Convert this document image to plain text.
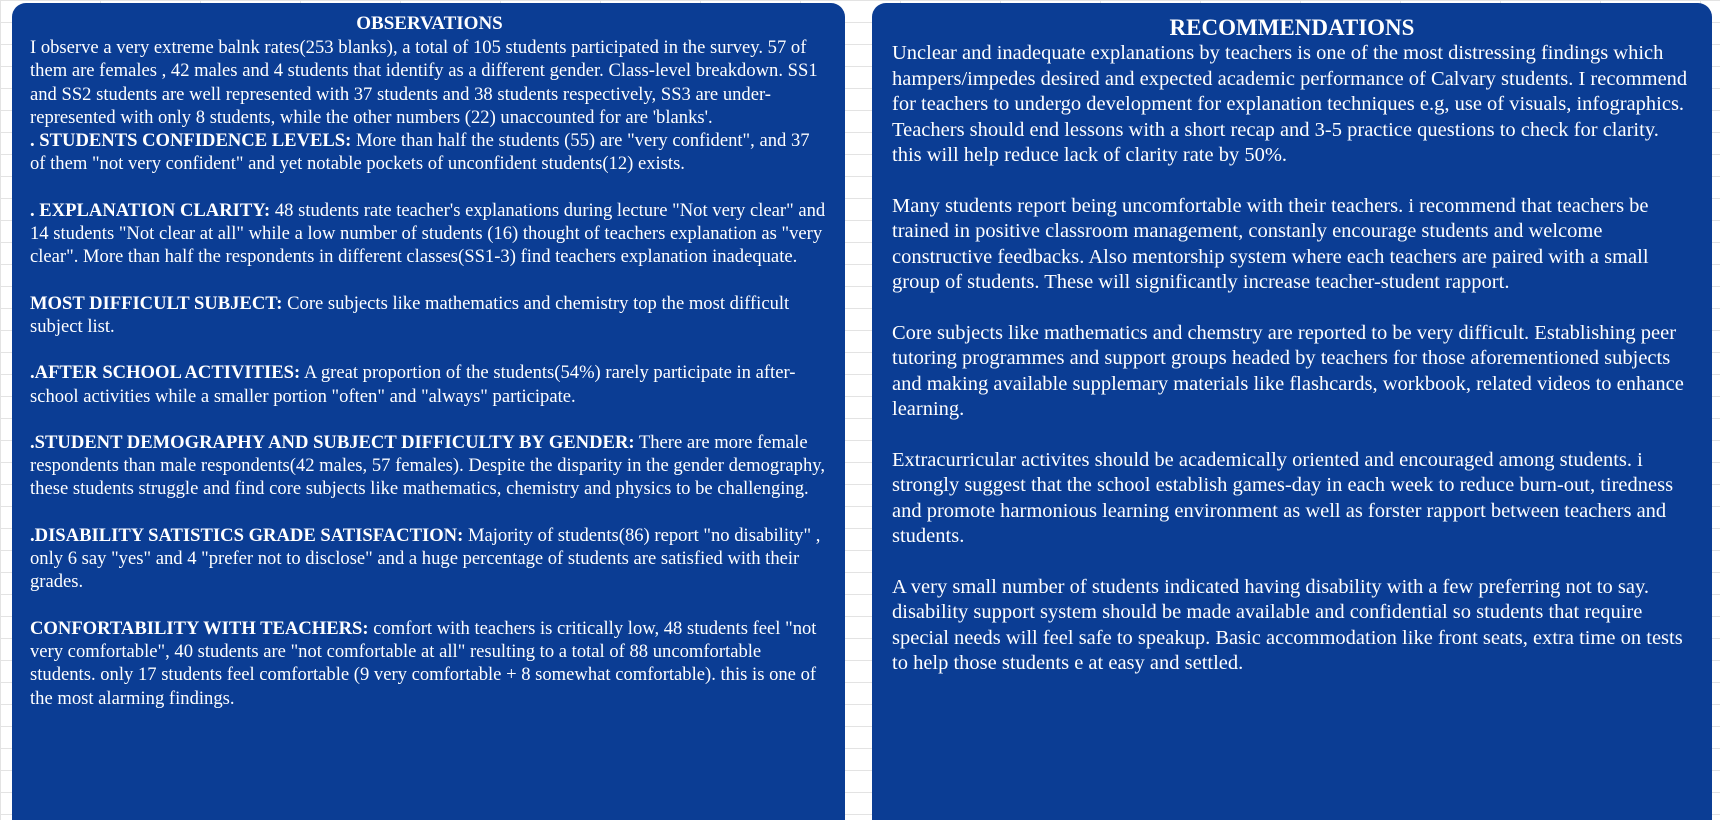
OBSERVATIONS

I observe a very extreme balnk rates(253 blanks), a total of 105 students participated in the survey. 57 of them are females , 42 males and 4 students that identify as a different gender. Class-level breakdown. SS1 and SS2 students are well represented with 37 students and 38 students respectively, SS3 are under-represented with only 8 students, while the other numbers (22) unaccounted for are 'blanks'.

. STUDENTS CONFIDENCE LEVELS: More than half the students (55) are "very confident", and 37 of them "not very confident" and yet notable pockets of unconfident students(12) exists.

. EXPLANATION CLARITY: 48 students rate teacher's explanations during lecture "Not very clear" and 14 students "Not clear at all" while a low number of students (16) thought of teachers explanation as "very clear". More than half the respondents in different classes(SS1-3) find teachers explanation inadequate.

MOST DIFFICULT SUBJECT: Core subjects like mathematics and chemistry top the most difficult subject list.

.AFTER SCHOOL ACTIVITIES: A great proportion of the students(54%) rarely participate in after-school activities while a smaller portion "often" and "always" participate.

.STUDENT DEMOGRAPHY AND SUBJECT DIFFICULTY BY GENDER: There are more female respondents than male respondents(42 males, 57 females). Despite the disparity in the gender demography, these students struggle and find core subjects like mathematics, chemistry and physics to be challenging.

.DISABILITY SATISTICS GRADE SATISFACTION: Majority of students(86) report "no disability" , only 6 say "yes" and 4 "prefer not to disclose" and a huge percentage of students are satisfied with their grades.

CONFORTABILITY WITH TEACHERS: comfort with teachers is critically low, 48 students feel "not very comfortable", 40 students are "not comfortable at all" resulting to a total of 88 uncomfortable students. only 17 students feel comfortable (9 very comfortable + 8 somewhat comfortable). this is one of the most alarming findings.

RECOMMENDATIONS

Unclear and inadequate explanations by teachers is one of the most distressing findings which hampers/impedes desired and expected academic performance of Calvary students. I recommend for teachers to undergo development for explanation techniques e.g, use of visuals, infographics. Teachers should end lessons with a short recap and 3-5 practice questions to check for clarity. this will help reduce lack of clarity rate by 50%.

Many students report being uncomfortable with their teachers. i recommend that teachers be trained in positive classroom management, constanly encourage students and welcome constructive feedbacks. Also mentorship system where each teachers are paired with a small group of students. These will significantly increase teacher-student rapport.

Core subjects like mathematics and chemstry are reported to be very difficult. Establishing peer tutoring programmes and support groups headed by teachers for those aforementioned subjects and making available supplemary materials like flashcards, workbook, related videos to enhance learning.

Extracurricular activites should be academically oriented and encouraged among students. i strongly suggest that the school establish games-day in each week to reduce burn-out, tiredness and promote harmonious learning environment as well as forster rapport between teachers and students.

A very small number of students indicated having disability with a few preferring not to say. disability support system should be made available and confidential so students that require special needs will feel safe to speakup. Basic accommodation like front seats, extra time on tests to help those students e at easy and settled.
